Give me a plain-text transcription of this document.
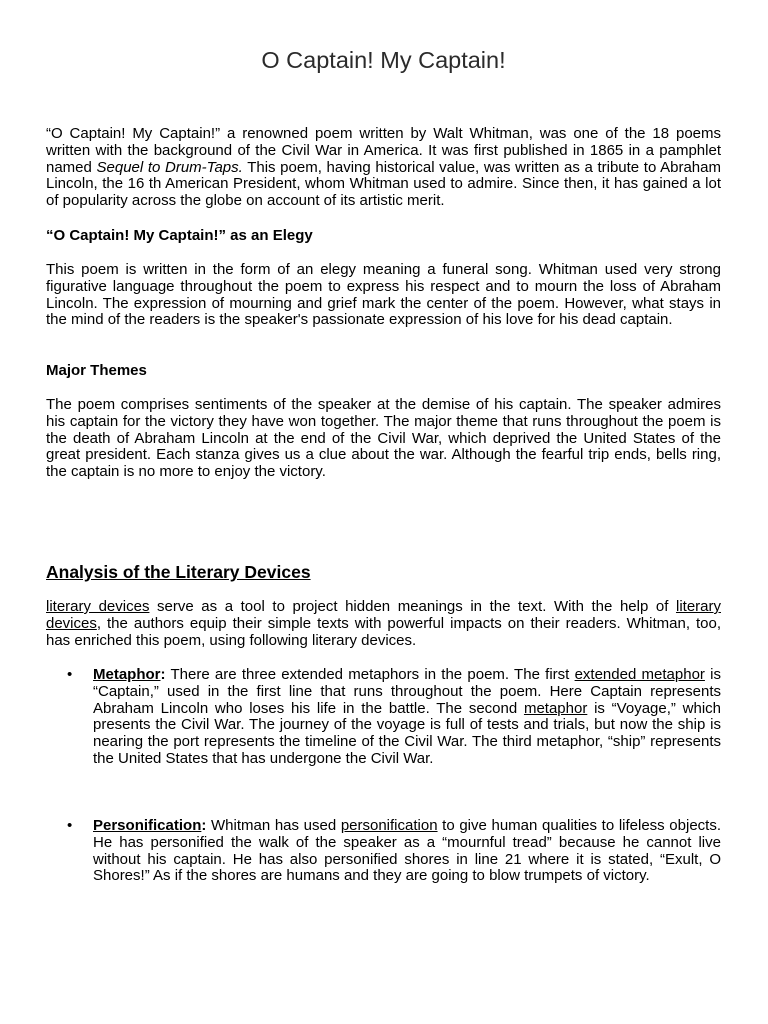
O Captain! My Captain!

“O Captain! My Captain!” a renowned poem written by Walt Whitman, was one of the 18 poems written with the background of the Civil War in America. It was first published in 1865 in a pamphlet named Sequel to Drum-Taps. This poem, having historical value, was written as a tribute to Abraham Lincoln, the 16 th American President, whom Whitman used to admire. Since then, it has gained a lot of popularity across the globe on account of its artistic merit.

“O Captain! My Captain!” as an Elegy

This poem is written in the form of an elegy meaning a funeral song. Whitman used very strong figurative language throughout the poem to express his respect and to mourn the loss of Abraham Lincoln. The expression of mourning and grief mark the center of the poem. However, what stays in the mind of the readers is the speaker's passionate expression of his love for his dead captain.

Major Themes

The poem comprises sentiments of the speaker at the demise of his captain. The speaker admires his captain for the victory they have won together. The major theme that runs throughout the poem is the death of Abraham Lincoln at the end of the Civil War, which deprived the United States of the great president. Each stanza gives us a clue about the war. Although the fearful trip ends, bells ring, the captain is no more to enjoy the victory.

Analysis of the Literary Devices

literary devices serve as a tool to project hidden meanings in the text. With the help of literary devices, the authors equip their simple texts with powerful impacts on their readers. Whitman, too, has enriched this poem, using following literary devices.

• Metaphor: There are three extended metaphors in the poem. The first extended metaphor is “Captain,” used in the first line that runs throughout the poem. Here Captain represents Abraham Lincoln who loses his life in the battle. The second metaphor is “Voyage,” which presents the Civil War. The journey of the voyage is full of tests and trials, but now the ship is nearing the port represents the timeline of the Civil War. The third metaphor, “ship” represents the United States that has undergone the Civil War.

• Personification: Whitman has used personification to give human qualities to lifeless objects. He has personified the walk of the speaker as a “mournful tread” because he cannot live without his captain. He has also personified shores in line 21 where it is stated, “Exult, O Shores!” As if the shores are humans and they are going to blow trumpets of victory.
